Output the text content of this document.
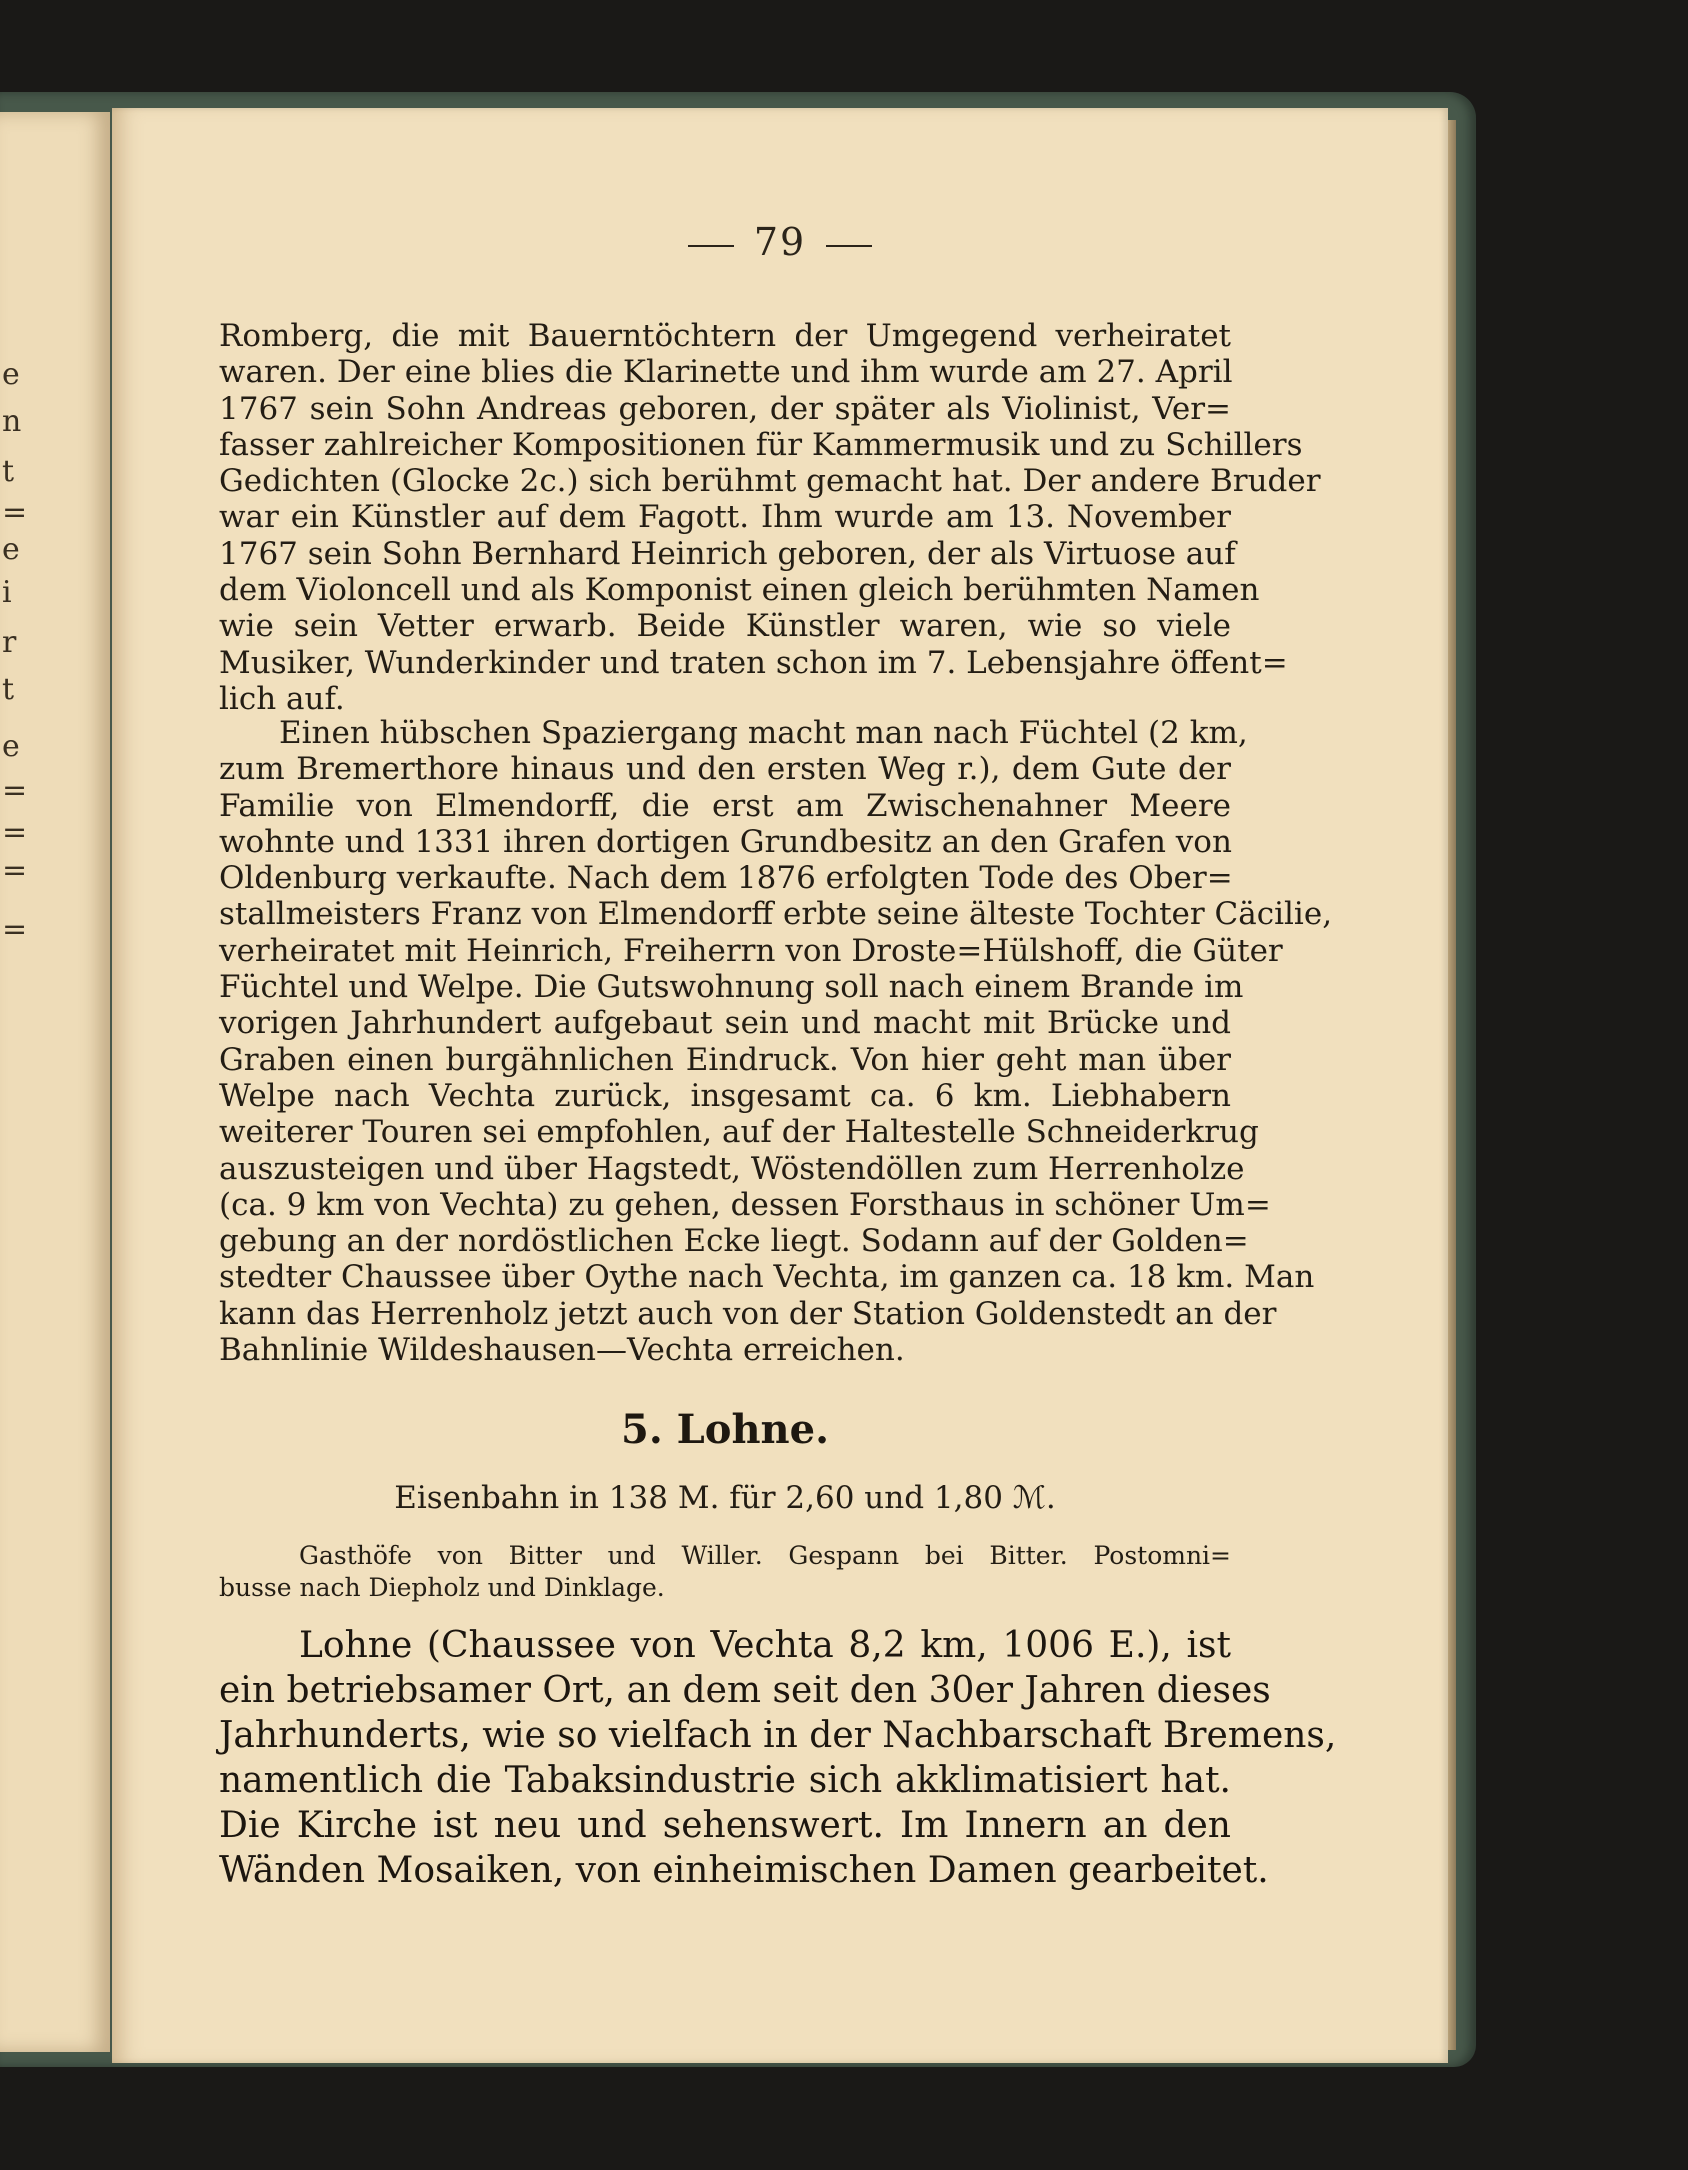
e
n
t
=
e
i
r
t
e
=
=
=
=
79
Romberg, die mit Bauerntöchtern der Umgegend verheiratet
waren. Der eine blies die Klarinette und ihm wurde am 27. April
1767 sein Sohn Andreas geboren, der später als Violinist, Ver=
fasser zahlreicher Kompositionen für Kammermusik und zu Schillers
Gedichten (Glocke 2c.) sich berühmt gemacht hat. Der andere Bruder
war ein Künstler auf dem Fagott. Ihm wurde am 13. November
1767 sein Sohn Bernhard Heinrich geboren, der als Virtuose auf
dem Violoncell und als Komponist einen gleich berühmten Namen
wie sein Vetter erwarb. Beide Künstler waren, wie so viele
Musiker, Wunderkinder und traten schon im 7. Lebensjahre öffent=
lich auf.
Einen hübschen Spaziergang macht man nach Füchtel (2 km,
zum Bremerthore hinaus und den ersten Weg r.), dem Gute der
Familie von Elmendorff, die erst am Zwischenahner Meere
wohnte und 1331 ihren dortigen Grundbesitz an den Grafen von
Oldenburg verkaufte. Nach dem 1876 erfolgten Tode des Ober=
stallmeisters Franz von Elmendorff erbte seine älteste Tochter Cäcilie,
verheiratet mit Heinrich, Freiherrn von Droste=Hülshoff, die Güter
Füchtel und Welpe. Die Gutswohnung soll nach einem Brande im
vorigen Jahrhundert aufgebaut sein und macht mit Brücke und
Graben einen burgähnlichen Eindruck. Von hier geht man über
Welpe nach Vechta zurück, insgesamt ca. 6 km. Liebhabern
weiterer Touren sei empfohlen, auf der Haltestelle Schneiderkrug
auszusteigen und über Hagstedt, Wöstendöllen zum Herrenholze
(ca. 9 km von Vechta) zu gehen, dessen Forsthaus in schöner Um=
gebung an der nordöstlichen Ecke liegt. Sodann auf der Golden=
stedter Chaussee über Oythe nach Vechta, im ganzen ca. 18 km. Man
kann das Herrenholz jetzt auch von der Station Goldenstedt an der
Bahnlinie Wildeshausen—Vechta erreichen.
5. Lohne.
Eisenbahn in 138 M. für 2,60 und 1,80 ℳ.
Gasthöfe von Bitter und Willer. Gespann bei Bitter. Postomni=
busse nach Diepholz und Dinklage.
Lohne (Chaussee von Vechta 8,2 km, 1006 E.), ist
ein betriebsamer Ort, an dem seit den 30er Jahren dieses
Jahrhunderts, wie so vielfach in der Nachbarschaft Bremens,
namentlich die Tabaksindustrie sich akklimatisiert hat.
Die Kirche ist neu und sehenswert. Im Innern an den
Wänden Mosaiken, von einheimischen Damen gearbeitet.
